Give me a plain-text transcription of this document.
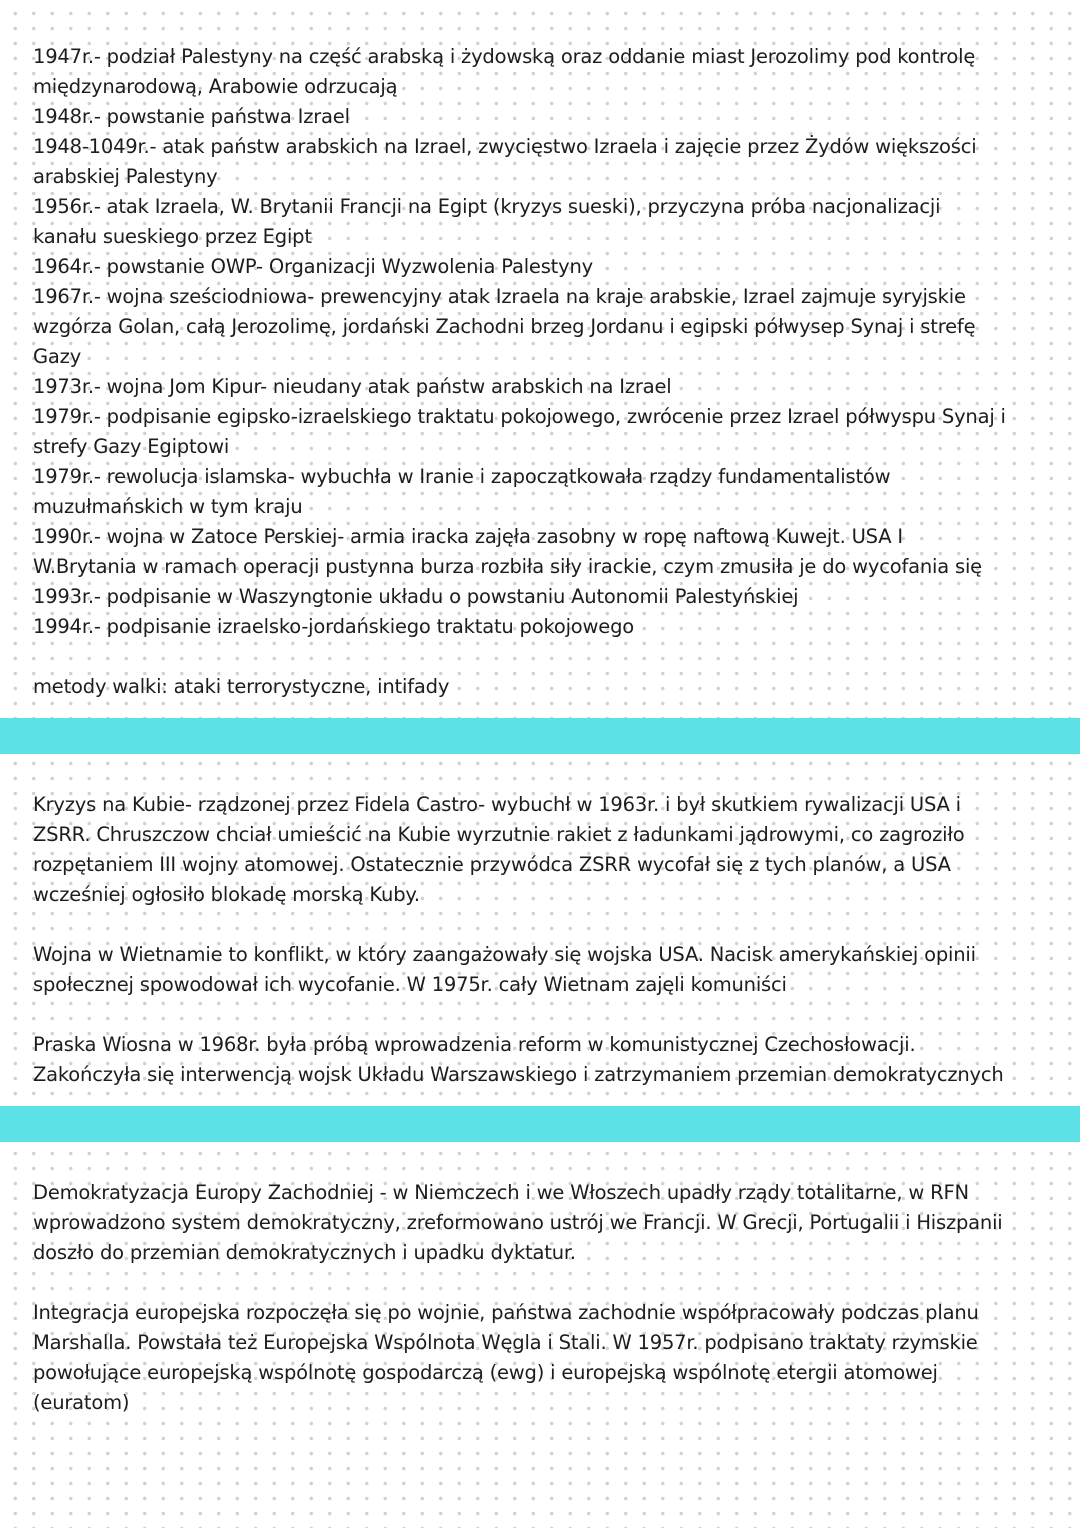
1947r.- podział Palestyny na część arabską i żydowską oraz oddanie miast Jerozolimy pod kontrolę
międzynarodową, Arabowie odrzucają
1948r.- powstanie państwa Izrael
1948-1049r.- atak państw arabskich na Izrael, zwycięstwo Izraela i zajęcie przez Żydów większości
arabskiej Palestyny
1956r.- atak Izraela, W. Brytanii Francji na Egipt (kryzys sueski), przyczyna próba nacjonalizacji
kanału sueskiego przez Egipt
1964r.- powstanie OWP- Organizacji Wyzwolenia Palestyny
1967r.- wojna sześciodniowa- prewencyjny atak Izraela na kraje arabskie, Izrael zajmuje syryjskie
wzgórza Golan, całą Jerozolimę, jordański Zachodni brzeg Jordanu i egipski półwysep Synaj i strefę
Gazy
1973r.- wojna Jom Kipur- nieudany atak państw arabskich na Izrael
1979r.- podpisanie egipsko-izraelskiego traktatu pokojowego, zwrócenie przez Izrael półwyspu Synaj i
strefy Gazy Egiptowi
1979r.- rewolucja islamska- wybuchła w Iranie i zapoczątkowała rządzy fundamentalistów
muzułmańskich w tym kraju
1990r.- wojna w Zatoce Perskiej- armia iracka zajęła zasobny w ropę naftową Kuwejt. USA I
W.Brytania w ramach operacji pustynna burza rozbiła siły irackie, czym zmusiła je do wycofania się
1993r.- podpisanie w Waszyngtonie układu o powstaniu Autonomii Palestyńskiej
1994r.- podpisanie izraelsko-jordańskiego traktatu pokojowego
metody walki: ataki terrorystyczne, intifady
Kryzys na Kubie- rządzonej przez Fidela Castro- wybuchł w 1963r. i był skutkiem rywalizacji USA i
ZSRR. Chruszczow chciał umieścić na Kubie wyrzutnie rakiet z ładunkami jądrowymi, co zagroziło
rozpętaniem III wojny atomowej. Ostatecznie przywódca ZSRR wycofał się z tych planów, a USA
wcześniej ogłosiło blokadę morską Kuby.
Wojna w Wietnamie to konflikt, w który zaangażowały się wojska USA. Nacisk amerykańskiej opinii
społecznej spowodował ich wycofanie. W 1975r. cały Wietnam zajęli komuniści
Praska Wiosna w 1968r. była próbą wprowadzenia reform w komunistycznej Czechosłowacji.
Zakończyła się interwencją wojsk Układu Warszawskiego i zatrzymaniem przemian demokratycznych
Demokratyzacja Europy Zachodniej - w Niemczech i we Włoszech upadły rządy totalitarne, w RFN
wprowadzono system demokratyczny, zreformowano ustrój we Francji. W Grecji, Portugalii i Hiszpanii
doszło do przemian demokratycznych i upadku dyktatur.
Integracja europejska rozpoczęła się po wojnie, państwa zachodnie współpracowały podczas planu
Marshalla. Powstała też Europejska Wspólnota Węgla i Stali. W 1957r. podpisano traktaty rzymskie
powołujące europejską wspólnotę gospodarczą (ewg) i europejską wspólnotę etergii atomowej
(euratom)
